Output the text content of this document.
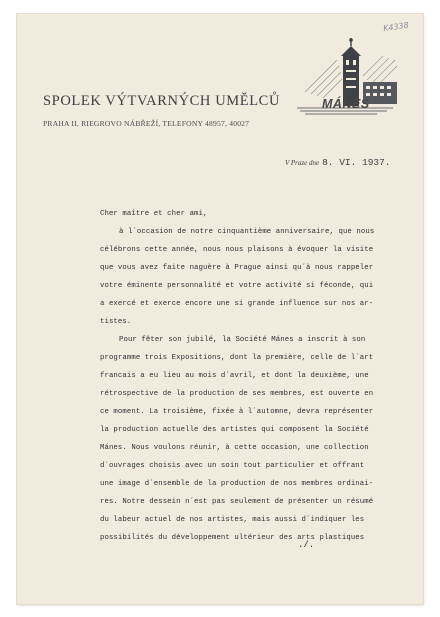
K4338
MÁNES
SPOLEK VÝTVARNÝCH UMĚLCŮ
PRAHA II, RIEGROVO NÁBŘEŽÍ, TELEFONY 48957, 40027
V Praze dne 8. VI. 1937.
Cher maître et cher ami,
à l´occasion de notre cinquantième anniversaire, que nous
célébrons cette année, nous nous plaisons à évoquer la visite
que vous avez faite naguère à Prague ainsi qu´à nous rappeler
votre éminente personnalité et votre activité si féconde, qui
a exercé et exerce encore une si grande influence sur nos ar-
tistes.
Pour fêter son jubilé, la Société Mánes a inscrit à son
programme trois Expositions, dont la première, celle de l´art
francais a eu lieu au mois d´avril, et dont la deuxième, une
rétrospective de la production de ses membres, est ouverte en
ce moment. La troisième, fixée à l´automne, devra représenter
la production actuelle des artistes qui composent la Société
Mánes. Nous voulons réunir, à cette occasion, une collection
d´ouvrages choisis avec un soin tout particulier et offrant
une image d´ensemble de la production de nos membres ordinai-
res. Notre dessein n´est pas seulement de présenter un résumé
du labeur actuel de nos artistes, mais aussi d´indiquer les
possibilités du développement ultérieur des arts plastiques
./.
